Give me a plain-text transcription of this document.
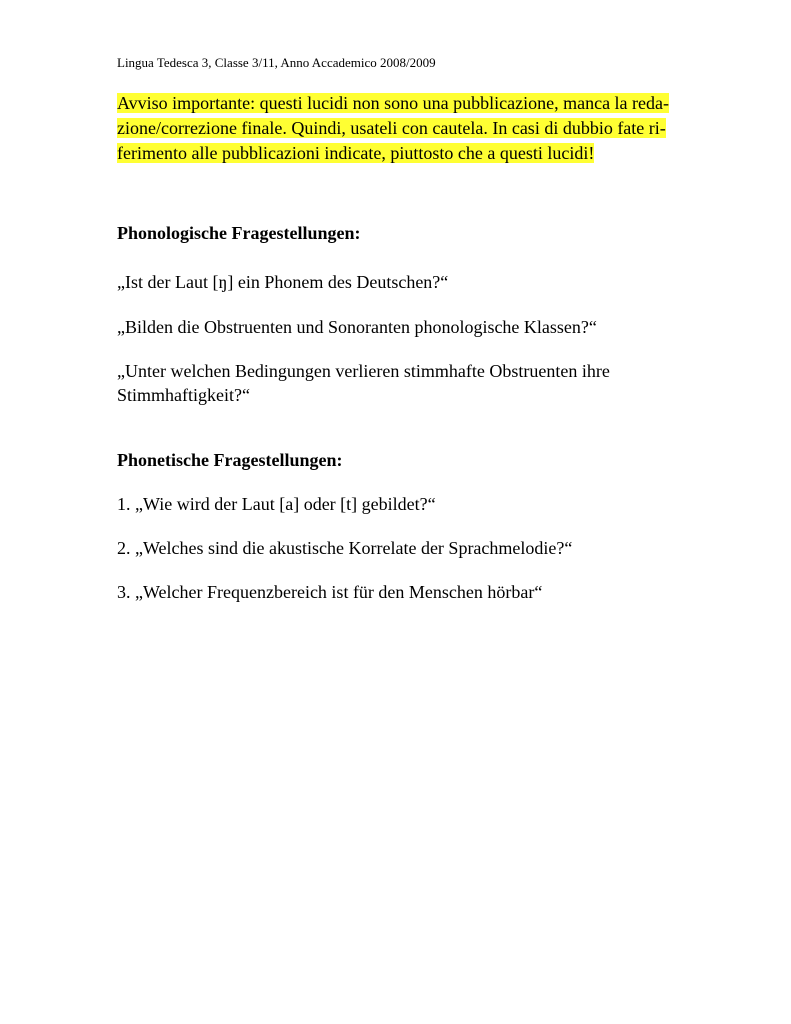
Lingua Tedesca 3, Classe 3/11, Anno Accademico 2008/2009

Avviso importante: questi lucidi non sono una pubblicazione, manca la reda-
zione/correzione finale. Quindi, usateli con cautela. In casi di dubbio fate ri-
ferimento alle pubblicazioni indicate, piuttosto che a questi lucidi!

Phonologische Fragestellungen:

„Ist der Laut [ŋ] ein Phonem des Deutschen?“

„Bilden die Obstruenten und Sonoranten phonologische Klassen?“

„Unter welchen Bedingungen verlieren stimmhafte Obstruenten ihre
Stimmhaftigkeit?“

Phonetische Fragestellungen:

1. „Wie wird der Laut [a] oder [t] gebildet?“

2. „Welches sind die akustische Korrelate der Sprachmelodie?“

3. „Welcher Frequenzbereich ist für den Menschen hörbar“
